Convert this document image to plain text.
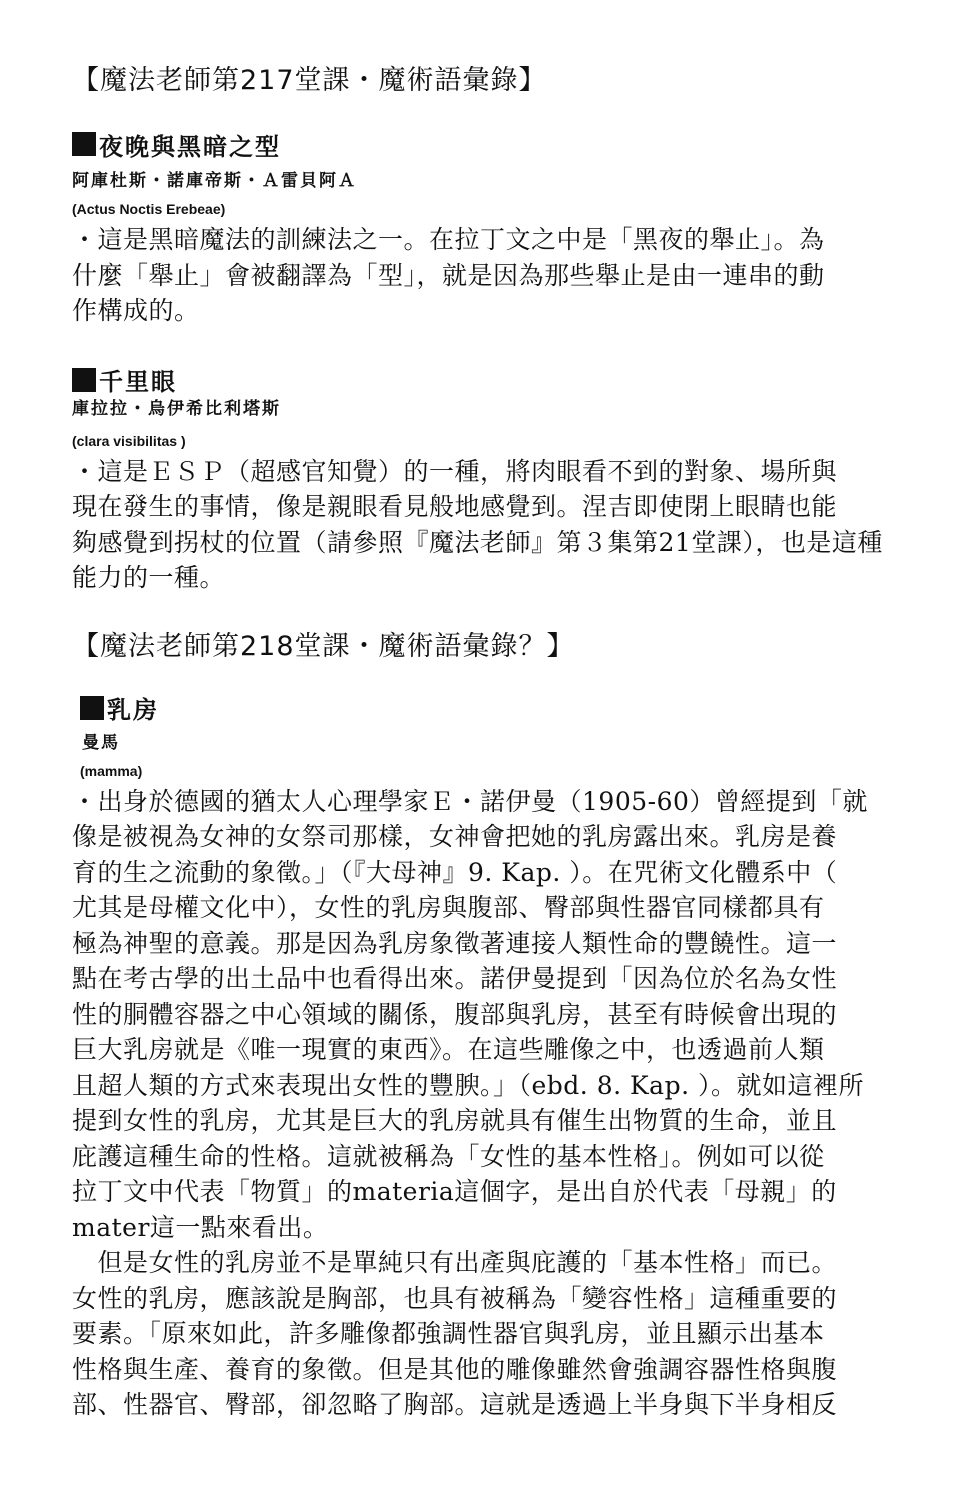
【魔法老師第217堂課・魔術語彙錄】

夜晚與黑暗之型

阿庫杜斯・諾庫帝斯・Ａ雷貝阿Ａ

(Actus Noctis Erebeae)

・這是黑暗魔法的訓練法之一。在拉丁文之中是「黑夜的舉止」。為

什麼「舉止」會被翻譯為「型」，就是因為那些舉止是由一連串的動

作構成的。

千里眼

庫拉拉・烏伊希比利塔斯

(clara visibilitas )

・這是ＥＳＰ（超感官知覺）的一種，將肉眼看不到的對象、場所與

現在發生的事情，像是親眼看見般地感覺到。涅吉即使閉上眼睛也能

夠感覺到拐杖的位置（請參照『魔法老師』第３集第21堂課），也是這種

能力的一種。

【魔法老師第218堂課・魔術語彙錄？】

乳房

曼馬

(mamma)

・出身於德國的猶太人心理學家Ｅ・諾伊曼（1905-60）曾經提到「就

像是被視為女神的女祭司那樣，女神會把她的乳房露出來。乳房是養

育的生之流動的象徵。」（『大母神』9. Kap. ）。在咒術文化體系中（

尤其是母權文化中），女性的乳房與腹部、臀部與性器官同樣都具有

極為神聖的意義。那是因為乳房象徵著連接人類性命的豐饒性。這一

點在考古學的出土品中也看得出來。諾伊曼提到「因為位於名為女性

性的胴體容器之中心領域的關係，腹部與乳房，甚至有時候會出現的

巨大乳房就是《唯一現實的東西》。在這些雕像之中，也透過前人類

且超人類的方式來表現出女性的豐腴。」（ebd. 8. Kap. ）。就如這裡所

提到女性的乳房，尤其是巨大的乳房就具有催生出物質的生命，並且

庇護這種生命的性格。這就被稱為「女性的基本性格」。例如可以從

拉丁文中代表「物質」的materia這個字，是出自於代表「母親」的

mater這一點來看出。

　但是女性的乳房並不是單純只有出產與庇護的「基本性格」而已。

女性的乳房，應該說是胸部，也具有被稱為「變容性格」這種重要的

要素。「原來如此，許多雕像都強調性器官與乳房，並且顯示出基本

性格與生產、養育的象徵。但是其他的雕像雖然會強調容器性格與腹

部、性器官、臀部，卻忽略了胸部。這就是透過上半身與下半身相反
